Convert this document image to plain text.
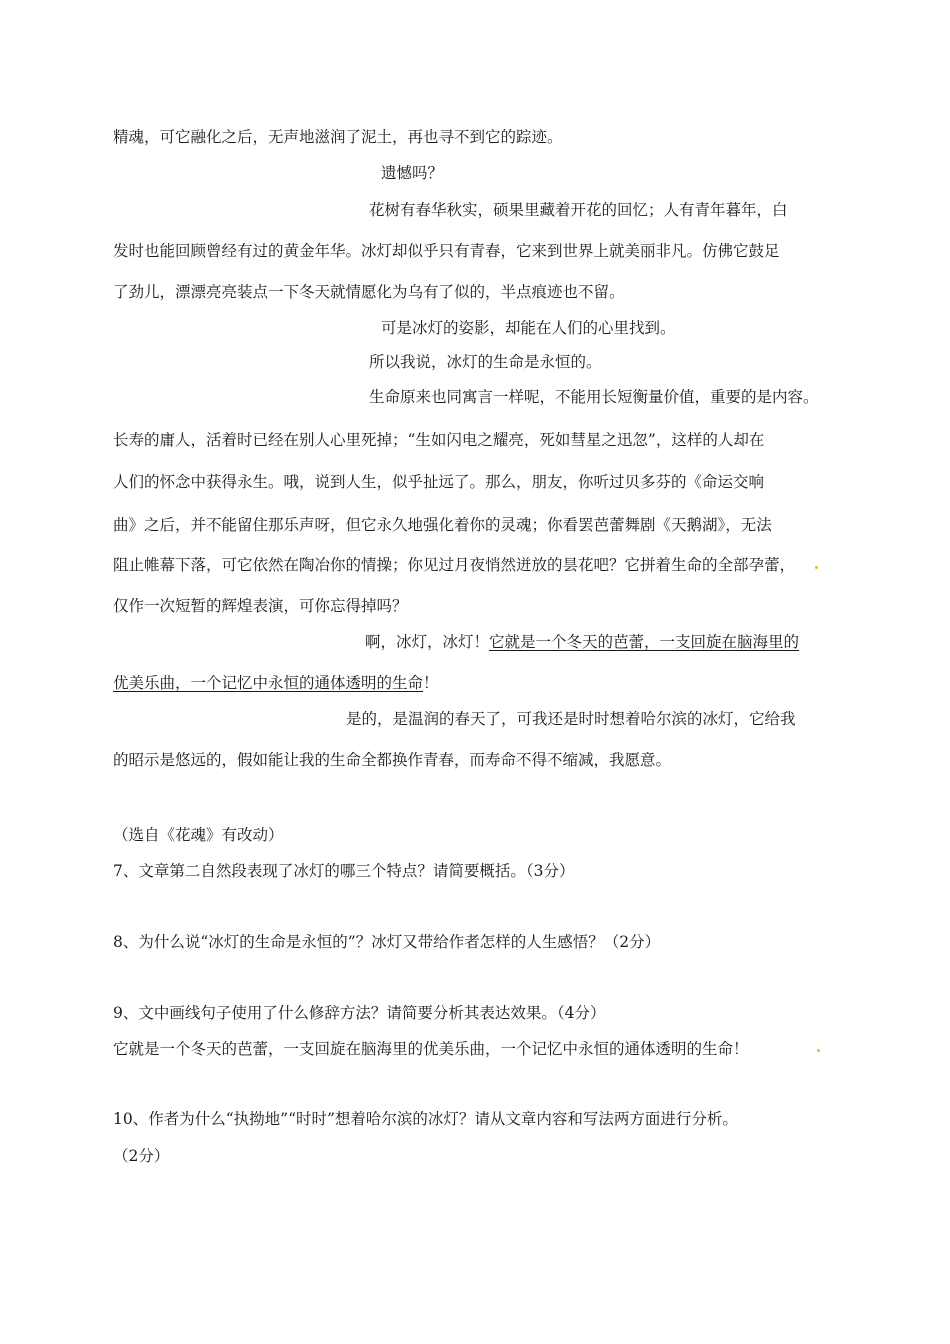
精魂，可它融化之后，无声地滋润了泥土，再也寻不到它的踪迹。
遗憾吗？
花树有春华秋实，硕果里藏着开花的回忆；人有青年暮年，白
发时也能回顾曾经有过的黄金年华。冰灯却似乎只有青春，它来到世界上就美丽非凡。仿佛它鼓足
了劲儿，漂漂亮亮装点一下冬天就情愿化为乌有了似的，半点痕迹也不留。
可是冰灯的姿影，却能在人们的心里找到。
所以我说，冰灯的生命是永恒的。
生命原来也同寓言一样呢，不能用长短衡量价值，重要的是内容。
长寿的庸人，活着时已经在别人心里死掉；“生如闪电之耀亮，死如彗星之迅忽”，这样的人却在
人们的怀念中获得永生。哦，说到人生，似乎扯远了。那么，朋友，你听过贝多芬的《命运交响
曲》之后，并不能留住那乐声呀，但它永久地强化着你的灵魂；你看罢芭蕾舞剧《天鹅湖》，无法
阻止帷幕下落，可它依然在陶冶你的情操；你见过月夜悄然迸放的昙花吧？它拼着生命的全部孕蕾，
仅作一次短暂的辉煌表演，可你忘得掉吗？
啊，冰灯，冰灯！它就是一个冬天的芭蕾，一支回旋在脑海里的
优美乐曲，一个记忆中永恒的通体透明的生命！
是的，是温润的春天了，可我还是时时想着哈尔滨的冰灯，它给我
的昭示是悠远的，假如能让我的生命全都换作青春，而寿命不得不缩减，我愿意。
（选自《花魂》有改动）
7、文章第二自然段表现了冰灯的哪三个特点？请简要概括。（3分）
8、为什么说“冰灯的生命是永恒的”？冰灯又带给作者怎样的人生感悟？（2分）
9、文中画线句子使用了什么修辞方法？请简要分析其表达效果。（4分）
它就是一个冬天的芭蕾，一支回旋在脑海里的优美乐曲，一个记忆中永恒的通体透明的生命！
10、作者为什么“执拗地”“时时”想着哈尔滨的冰灯？请从文章内容和写法两方面进行分析。
（2分）
